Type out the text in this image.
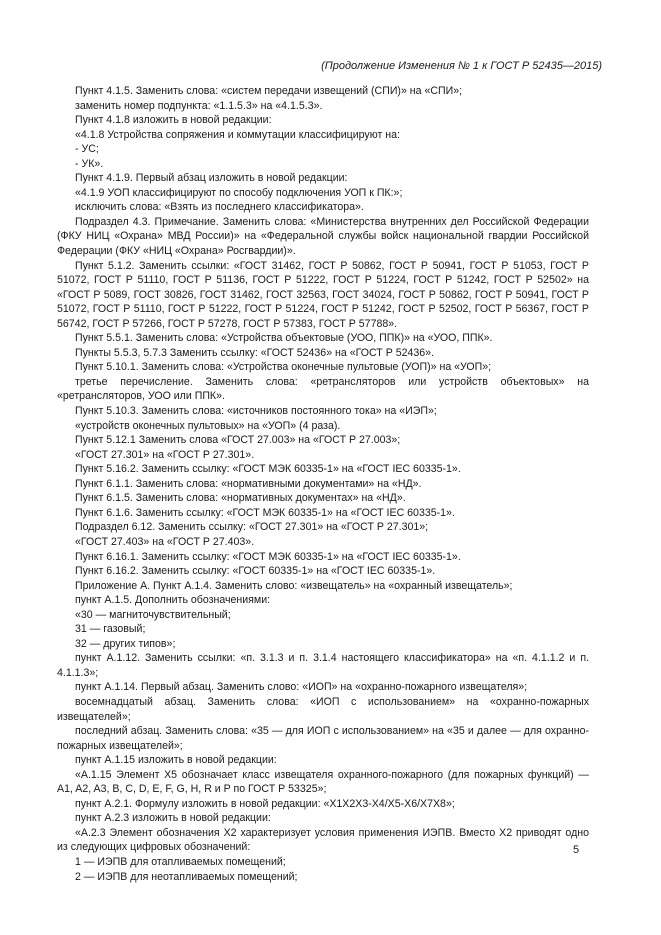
(Продолжение Изменения № 1 к ГОСТ Р 52435—2015)

Пункт 4.1.5. Заменить слова: «систем передачи извещений (СПИ)» на «СПИ»;

заменить номер подпункта: «1.1.5.3» на «4.1.5.3».

Пункт 4.1.8 изложить в новой редакции:

«4.1.8 Устройства сопряжения и коммутации классифицируют на:

- УС;

- УК».

Пункт 4.1.9. Первый абзац изложить в новой редакции:

«4.1.9 УОП классифицируют по способу подключения УОП к ПК:»;

исключить слова: «Взять из последнего классификатора».

Подраздел 4.3. Примечание. Заменить слова: «Министерства внутренних дел Российской Федерации (ФКУ НИЦ «Охрана» МВД России)» на «Федеральной службы войск национальной гвардии Российской Федерации (ФКУ «НИЦ «Охрана» Росгвардии)».

Пункт 5.1.2. Заменить ссылки: «ГОСТ 31462, ГОСТ Р 50862, ГОСТ Р 50941, ГОСТ Р 51053, ГОСТ Р 51072, ГОСТ Р 51110, ГОСТ Р 51136, ГОСТ Р 51222, ГОСТ Р 51224, ГОСТ Р 51242, ГОСТ Р 52502» на «ГОСТ Р 5089, ГОСТ 30826, ГОСТ 31462, ГОСТ 32563, ГОСТ 34024, ГОСТ Р 50862, ГОСТ Р 50941, ГОСТ Р 51072, ГОСТ Р 51110, ГОСТ Р 51222, ГОСТ Р 51224, ГОСТ Р 51242, ГОСТ Р 52502, ГОСТ Р 56367, ГОСТ Р 56742, ГОСТ Р 57266, ГОСТ Р 57278, ГОСТ Р 57383, ГОСТ Р 57788».

Пункт 5.5.1. Заменить слова: «Устройства объектовые (УОО, ППК)» на «УОО, ППК».

Пункты 5.5.3, 5.7.3 Заменить ссылку: «ГОСТ 52436» на «ГОСТ Р 52436».

Пункт 5.10.1. Заменить слова: «Устройства оконечные пультовые (УОП)» на «УОП»;

третье перечисление. Заменить слова: «ретрансляторов или устройств объектовых» на «ретрансляторов, УОО или ППК».

Пункт 5.10.3. Заменить слова: «источников постоянного тока» на «ИЭП»;

«устройств оконечных пультовых» на «УОП» (4 раза).

Пункт 5.12.1 Заменить слова «ГОСТ 27.003» на «ГОСТ Р 27.003»;

«ГОСТ 27.301» на «ГОСТ Р 27.301».

Пункт 5.16.2. Заменить ссылку: «ГОСТ МЭК 60335-1» на «ГОСТ IEC 60335-1».

Пункт 6.1.1. Заменить слова: «нормативными документами» на «НД».

Пункт 6.1.5. Заменить слова: «нормативных документах» на «НД».

Пункт 6.1.6. Заменить ссылку: «ГОСТ МЭК 60335-1» на «ГОСТ IEC 60335-1».

Подраздел 6.12. Заменить ссылку: «ГОСТ 27.301» на «ГОСТ Р 27.301»;

«ГОСТ 27.403» на «ГОСТ Р 27.403».

Пункт 6.16.1. Заменить ссылку: «ГОСТ МЭК 60335-1» на «ГОСТ IEC 60335-1».

Пункт 6.16.2. Заменить ссылку: «ГОСТ 60335-1» на «ГОСТ IEC 60335-1».

Приложение А. Пункт А.1.4. Заменить слово: «извещатель» на «охранный извещатель»;

пункт А.1.5. Дополнить обозначениями:

«30 — магниточувствительный;

31 — газовый;

32 — других типов»;

пункт А.1.12. Заменить ссылки: «п. 3.1.3 и п. 3.1.4 настоящего классификатора» на «п. 4.1.1.2 и п. 4.1.1.3»;

пункт А.1.14. Первый абзац. Заменить слово: «ИОП» на «охранно-пожарного извещателя»;

восемнадцатый абзац. Заменить слова: «ИОП с использованием» на «охранно-пожарных извещателей»;

последний абзац. Заменить слова: «35 — для ИОП с использованием» на «35 и далее — для охранно-пожарных извещателей»;

пункт А.1.15 изложить в новой редакции:

«А.1.15 Элемент X5 обозначает класс извещателя охранного-пожарного (для пожарных функций) — A1, A2, A3, B, C, D, E, F, G, H, R и P по ГОСТ Р 53325»;

пункт А.2.1. Формулу изложить в новой редакции: «X1X2X3-X4/X5-X6/X7X8»;

пункт А.2.3 изложить в новой редакции:

«А.2.3 Элемент обозначения X2 характеризует условия применения ИЭПВ. Вместо X2 приводят одно из следующих цифровых обозначений:

1 — ИЭПВ для отапливаемых помещений;

2 — ИЭПВ для неотапливаемых помещений;

5
